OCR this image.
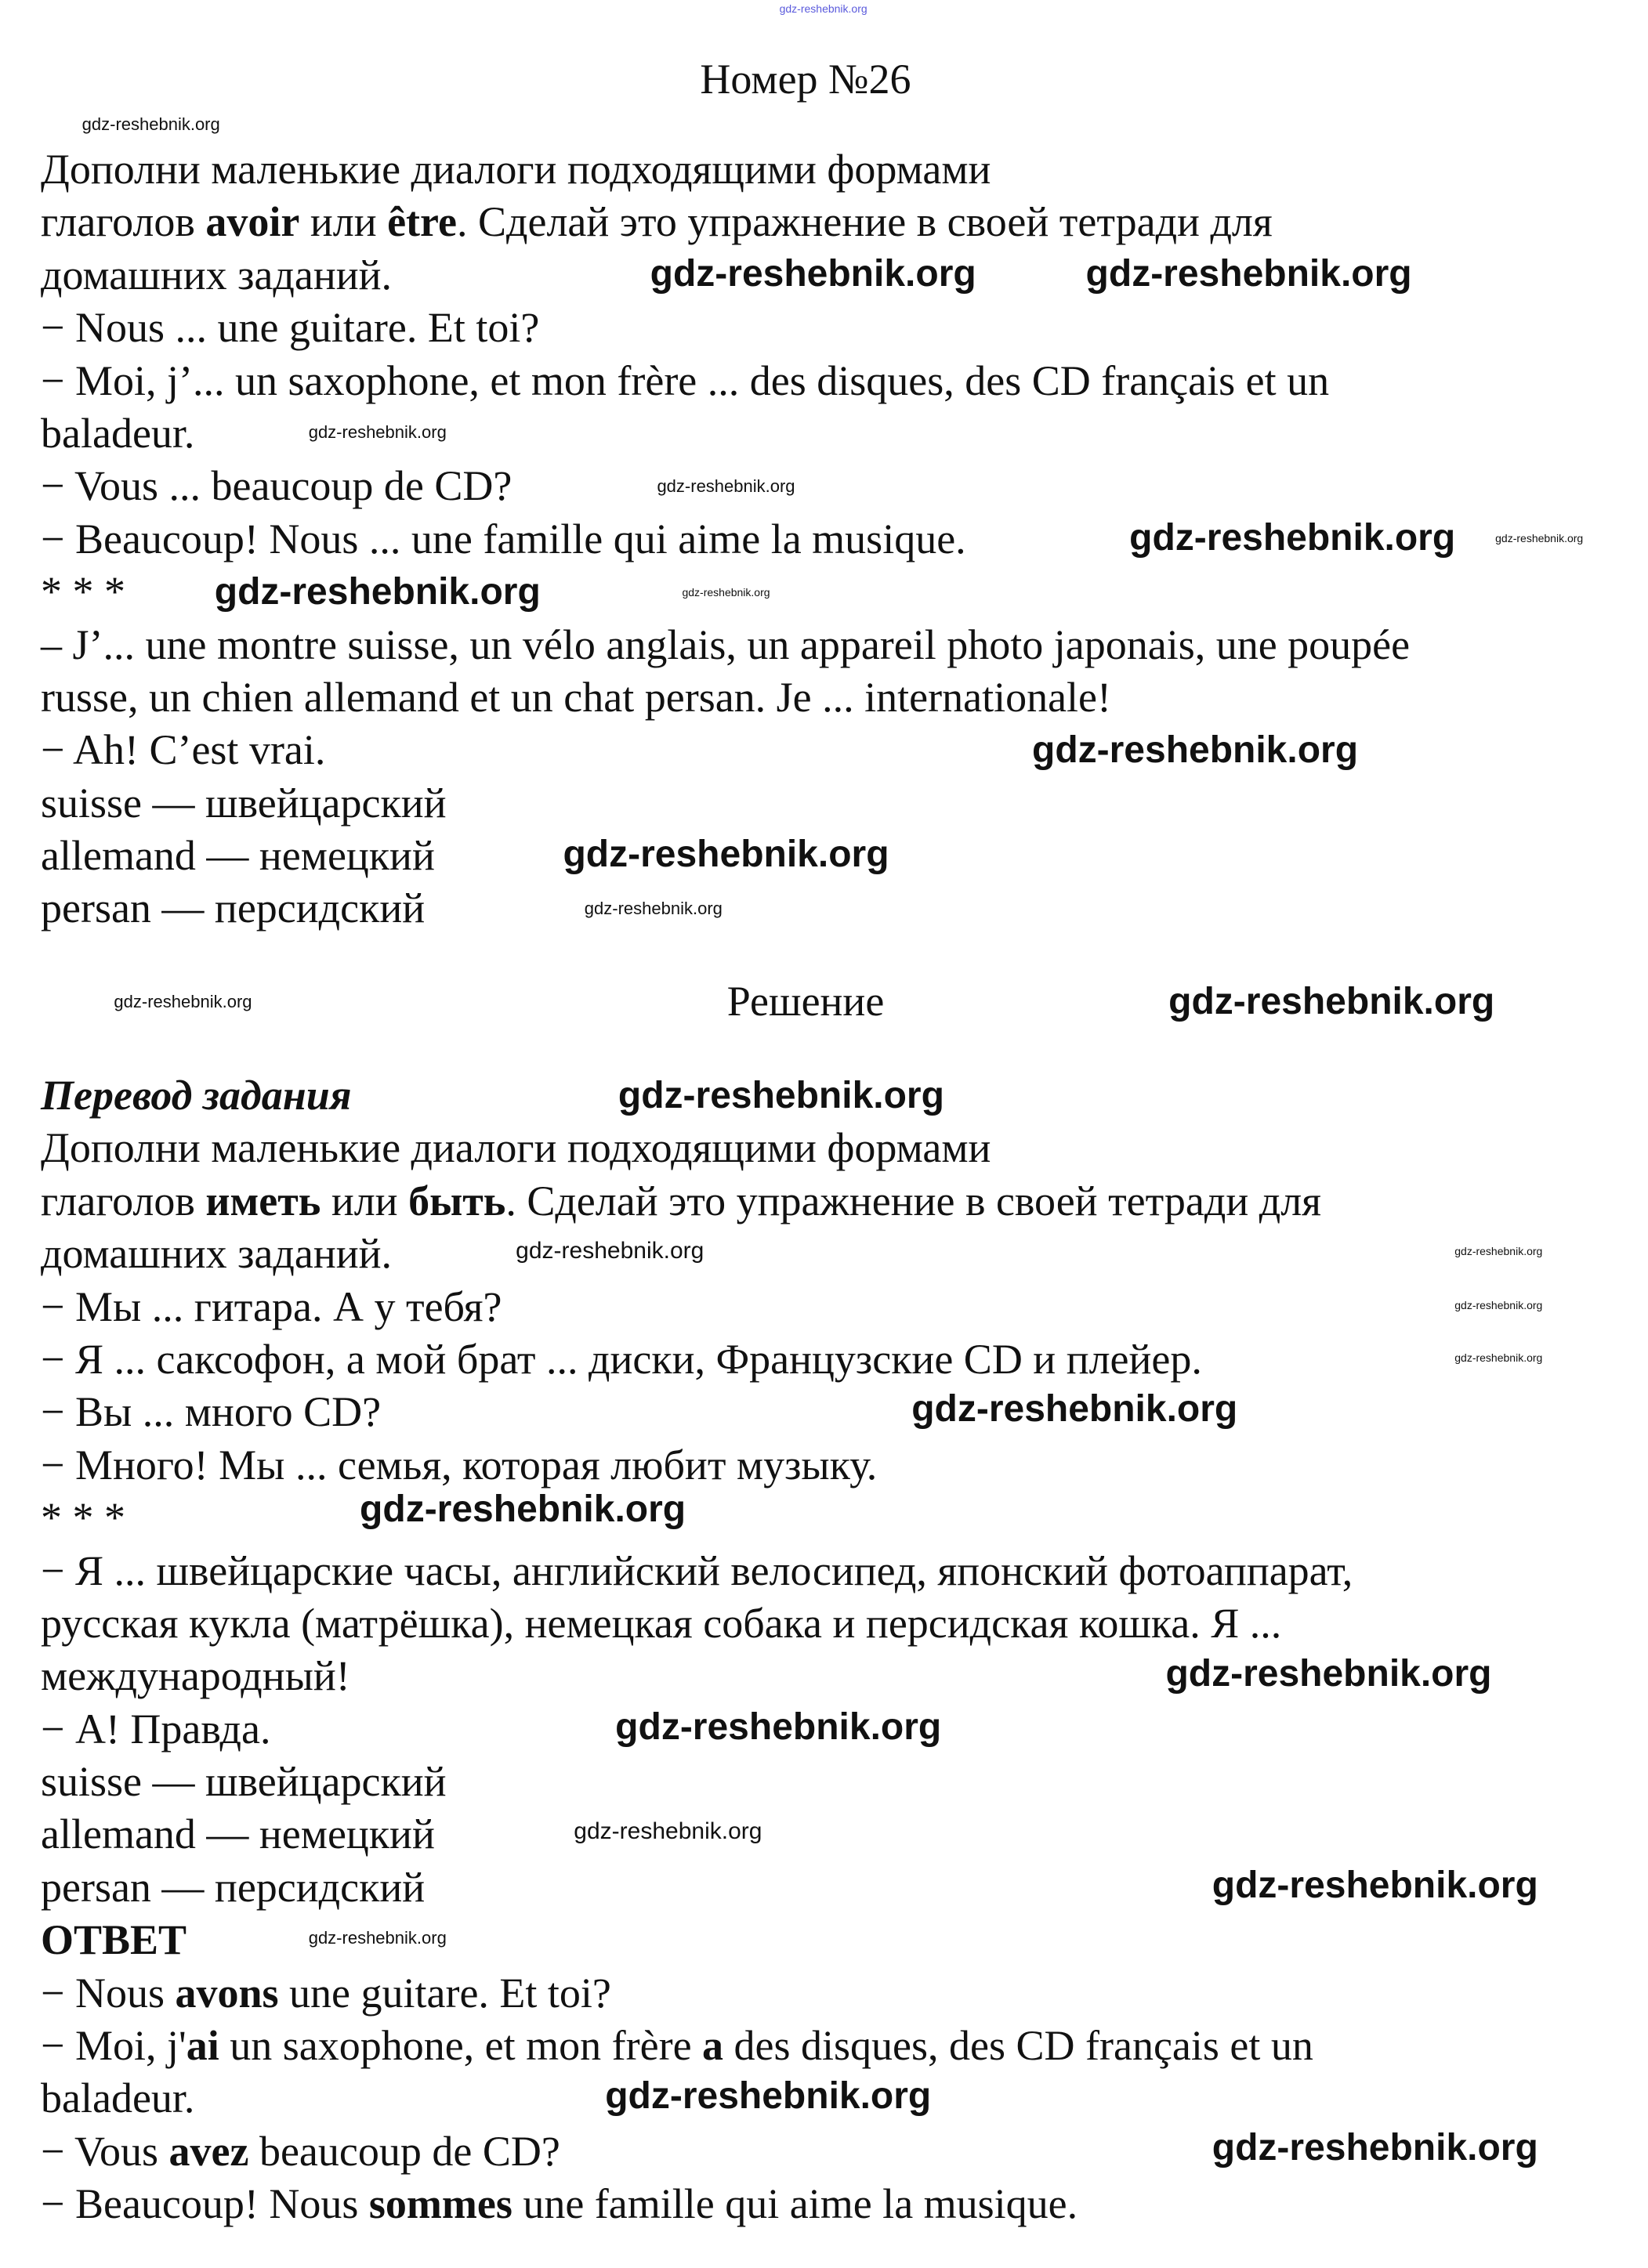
Номер №26
Дополни маленькие диалоги подходящими формами
глаголов avoir или être. Сделай это упражнение в своей тетради для
домашних заданий.
− Nous ... une guitare. Et toi?
− Moi, j’... un saxophone, et mon frère ... des disques, des CD français et un
baladeur.
− Vous ... beaucoup de CD?
− Beaucoup! Nous ... une famille qui aime la musique.
* * *
– J’... une montre suisse, un vélo anglais, un appareil photo japonais, une poupée
russe, un chien allemand et un chat persan. Je ... internationale!
− Ah! C’est vrai.
suisse — швейцарский
allemand — немецкий
persan — персидский
Решение
Перевод задания
Дополни маленькие диалоги подходящими формами
глаголов иметь или быть. Сделай это упражнение в своей тетради для
домашних заданий.
− Мы ... гитара. А у тебя?
− Я ... саксофон, а мой брат ... диски, Французские CD и плейер.
− Вы ... много CD?
− Много! Мы ... семья, которая любит музыку.
* * *
− Я ... швейцарские часы, английский велосипед, японский фотоаппарат,
русская кукла (матрёшка), немецкая собака и персидская кошка. Я ...
международный!
− А! Правда.
suisse — швейцарский
allemand — немецкий
persan — персидский
ОТВЕТ
− Nous avons une guitare. Et toi?
− Moi, j'ai un saxophone, et mon frère a des disques, des CD français et un
baladeur.
− Vous avez beaucoup de CD?
− Beaucoup! Nous sommes une famille qui aime la musique.
gdz-reshebnik.org
gdz-reshebnik.org	gdz-reshebnik.org
gdz-reshebnik.org
gdz-reshebnik.org
gdz-reshebnik.org
gdz-reshebnik.org
gdz-reshebnik.org
gdz-reshebnik.org
gdz-reshebnik.org
gdz-reshebnik.org
gdz-reshebnik.org
gdz-reshebnik.org
gdz-reshebnik.org
gdz-reshebnik.org
gdz-reshebnik.org
gdz-reshebnik.org
gdz-reshebnik.org
gdz-reshebnik.org
gdz-reshebnik.org
gdz-reshebnik.org
gdz-reshebnik.org
gdz-reshebnik.org
gdz-reshebnik.org	gdz-reshebnik.org
gdz-reshebnik.org
gdz-reshebnik.org
gdz-reshebnik.org
gdz-reshebnik.org
